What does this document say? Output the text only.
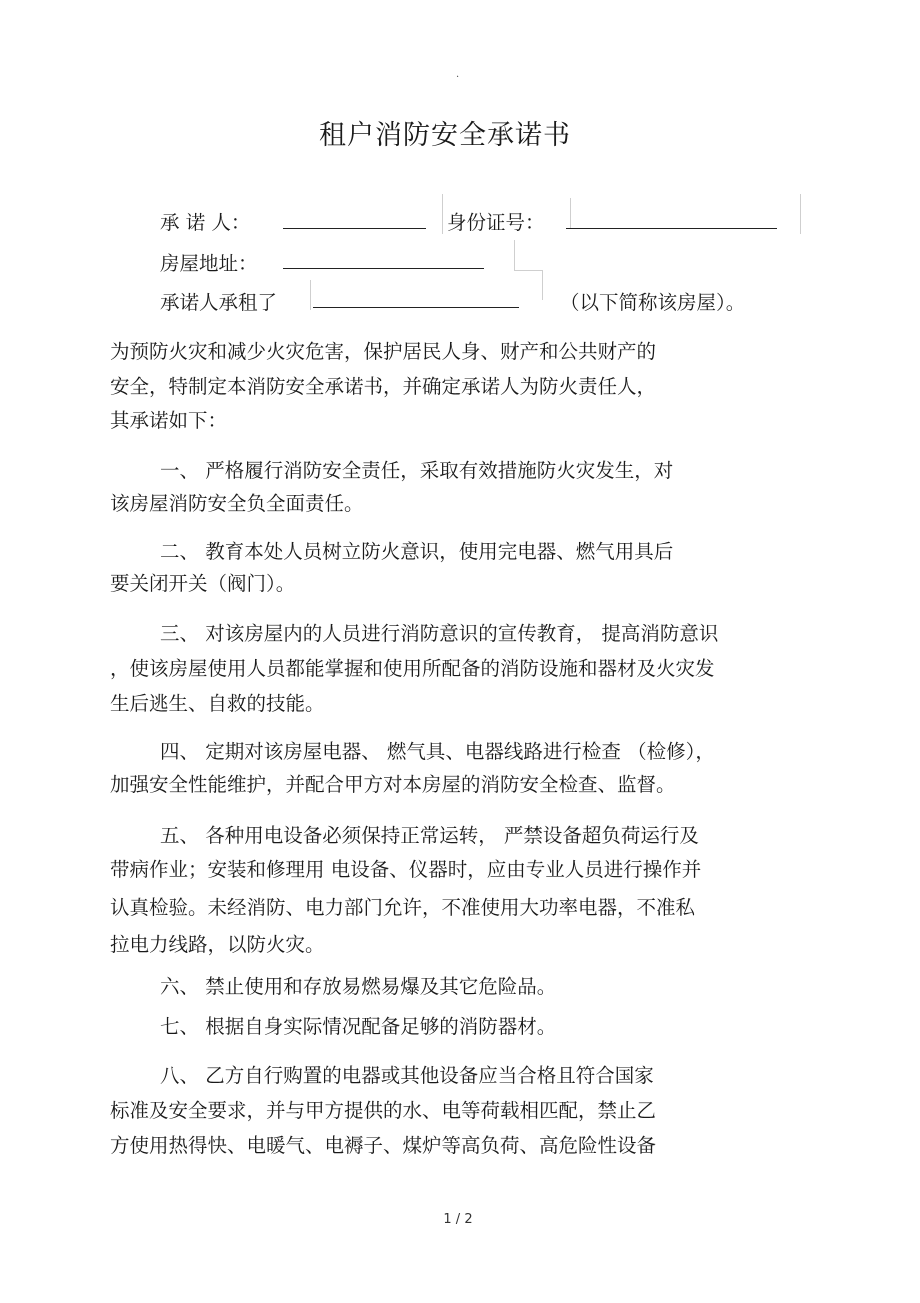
·
租户消防安全承诺书
承 诺 人：	身份证号：
房屋地址：
承诺人承租了	（以下简称该房屋）。
为预防火灾和减少火灾危害，保护居民人身、财产和公共财产的
安全，特制定本消防安全承诺书，并确定承诺人为防火责任人，
其承诺如下：
一、 严格履行消防安全责任，采取有效措施防火灾发生，对
该房屋消防安全负全面责任。
二、 教育本处人员树立防火意识，使用完电器、燃气用具后
要关闭开关（阀门）。
三、 对该房屋内的人员进行消防意识的宣传教育， 提高消防意识
，使该房屋使用人员都能掌握和使用所配备的消防设施和器材及火灾发
生后逃生、自救的技能。
四、 定期对该房屋电器、 燃气具、电器线路进行检查 （检修），
加强安全性能维护，并配合甲方对本房屋的消防安全检查、监督。
五、 各种用电设备必须保持正常运转， 严禁设备超负荷运行及
带病作业；安装和修理用 电设备、仪器时，应由专业人员进行操作并
认真检验。未经消防、电力部门允许，不准使用大功率电器，不准私
拉电力线路，以防火灾。
六、 禁止使用和存放易燃易爆及其它危险品。
七、 根据自身实际情况配备足够的消防器材。
八、 乙方自行购置的电器或其他设备应当合格且符合国家
标准及安全要求，并与甲方提供的水、电等荷载相匹配，禁止乙
方使用热得快、电暖气、电褥子、煤炉等高负荷、高危险性设备
1 / 2
